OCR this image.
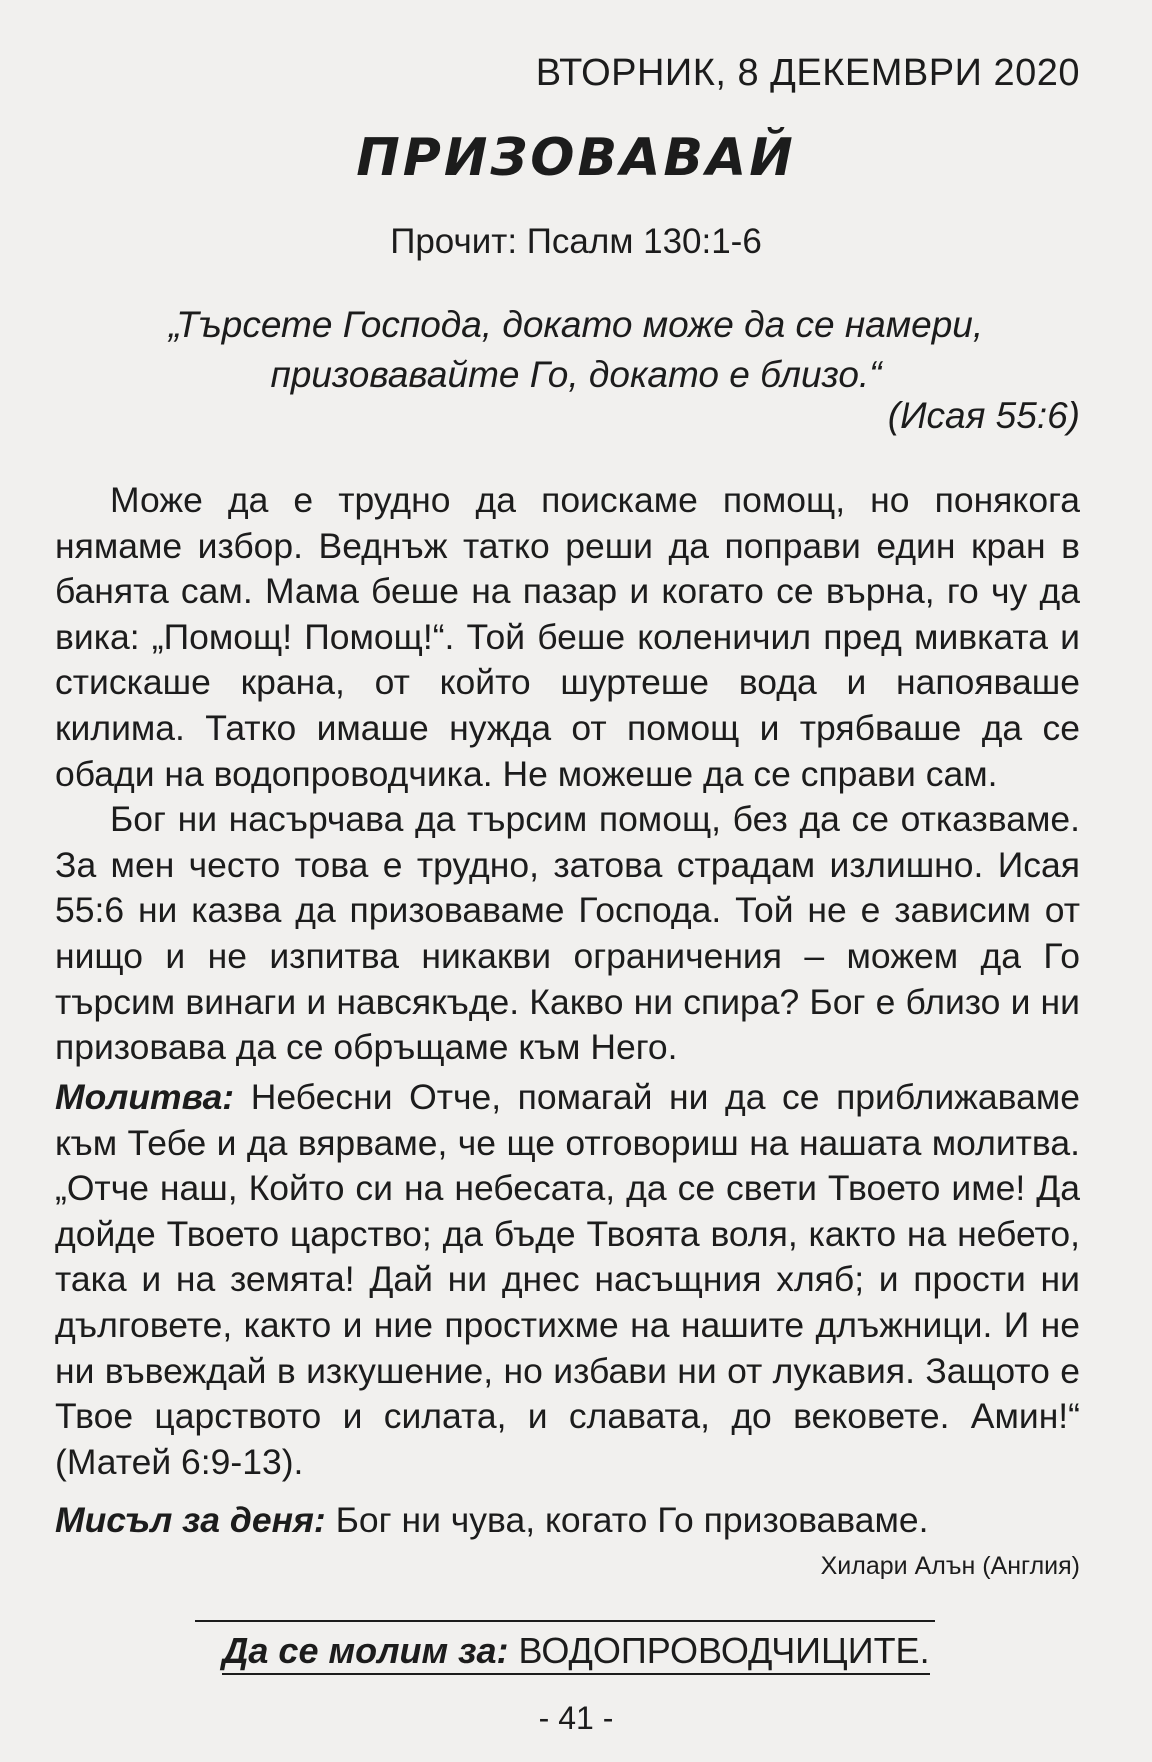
ВТОРНИК, 8 ДЕКЕМВРИ 2020
ПРИЗОВАВАЙ
Прочит: Псалм 130:1-6
„Търсете Господа, докато може да се намери,
призовавайте Го, докато е близо.“
(Исая 55:6)

Може да е трудно да поискаме помощ, но понякога нямаме избор. Веднъж татко реши да поправи един кран в банята сам. Мама беше на пазар и когато се върна, го чу да вика: „Помощ! Помощ!“. Той беше коленичил пред мивката и стискаше крана, от който шуртеше вода и напояваше килима. Татко имаше нужда от помощ и трябваше да се обади на водопроводчика. Не можеше да се справи сам.

Бог ни насърчава да търсим помощ, без да се отказваме. За мен често това е трудно, затова страдам излишно. Исая 55:6 ни казва да призоваваме Господа. Той не е зависим от нищо и не изпитва никакви ограничения – можем да Го търсим винаги и навсякъде. Какво ни спира? Бог е близо и ни призовава да се обръщаме към Него.

Молитва: Небесни Отче, помагай ни да се приближаваме към Тебе и да вярваме, че ще отговориш на нашата молитва. „Отче наш, Който си на небесата, да се свети Твоето име! Да дойде Твоето царство; да бъде Твоята воля, както на небето, така и на земята! Дай ни днес насъщния хляб; и прости ни дълговете, както и ние простихме на нашите длъжници. И не ни въвеждай в изкушение, но избави ни от лукавия. Защото е Твое царството и силата, и славата, до вековете. Амин!“ (Матей 6:9-13).

Мисъл за деня: Бог ни чува, когато Го призоваваме.

Хилари Алън (Англия)
Да се молим за: ВОДОПРОВОДЧИЦИТЕ.
- 41 -
